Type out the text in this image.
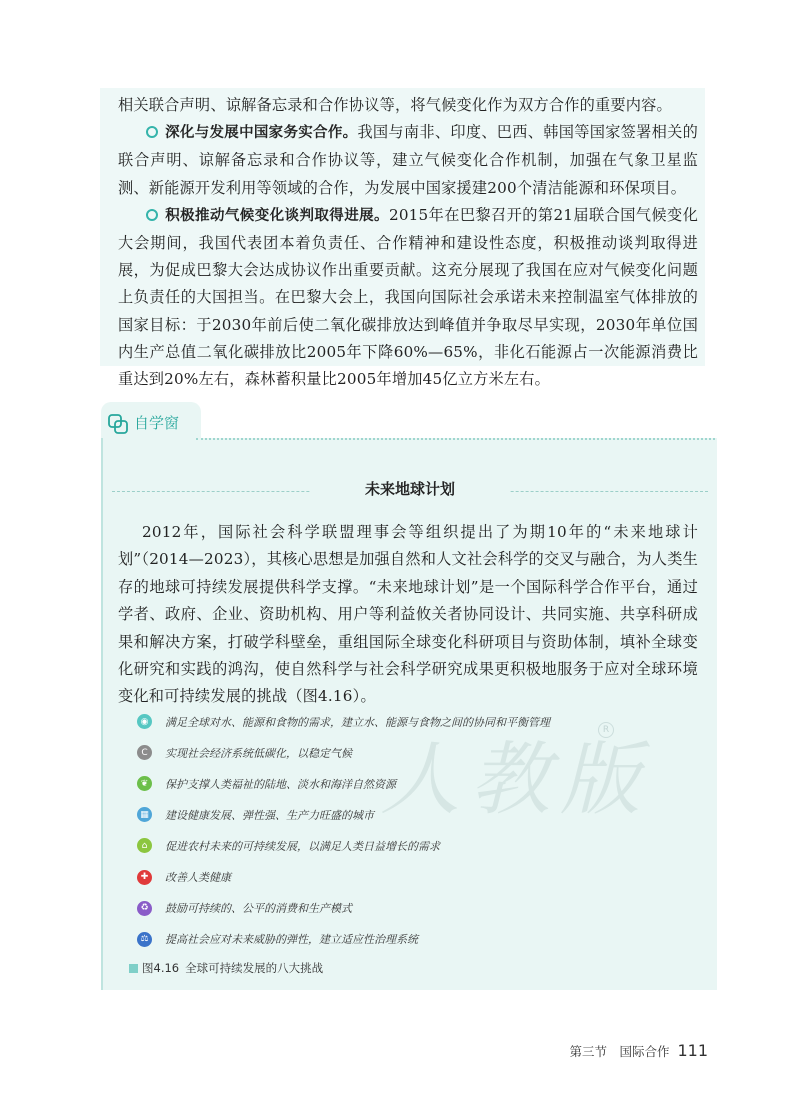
相关联合声明、谅解备忘录和合作协议等，将气候变化作为双方合作的重要内容。

深化与发展中国家务实合作。我国与南非、印度、巴西、韩国等国家签署相关的联合声明、谅解备忘录和合作协议等，建立气候变化合作机制，加强在气象卫星监测、新能源开发利用等领域的合作，为发展中国家援建200个清洁能源和环保项目。

积极推动气候变化谈判取得进展。2015年在巴黎召开的第21届联合国气候变化大会期间，我国代表团本着负责任、合作精神和建设性态度，积极推动谈判取得进展，为促成巴黎大会达成协议作出重要贡献。这充分展现了我国在应对气候变化问题上负责任的大国担当。在巴黎大会上，我国向国际社会承诺未来控制温室气体排放的国家目标：于2030年前后使二氧化碳排放达到峰值并争取尽早实现，2030年单位国内生产总值二氧化碳排放比2005年下降60%—65%，非化石能源占一次能源消费比重达到20%左右，森林蓄积量比2005年增加45亿立方米左右。

自学窗
未来地球计划

2012年，国际社会科学联盟理事会等组织提出了为期10年的“未来地球计划”（2014—2023），其核心思想是加强自然和人文社会科学的交叉与融合，为人类生存的地球可持续发展提供科学支撑。“未来地球计划”是一个国际科学合作平台，通过学者、政府、企业、资助机构、用户等利益攸关者协同设计、共同实施、共享科研成果和解决方案，打破学科壁垒，重组国际全球变化科研项目与资助体制，填补全球变化研究和实践的鸿沟，使自然科学与社会科学研究成果更积极地服务于应对全球环境变化和可持续发展的挑战（图4.16）。

人教版
R
◉	满足全球对水、能源和食物的需求，建立水、能源与食物之间的协同和平衡管理
C	实现社会经济系统低碳化，以稳定气候
❦	保护支撑人类福祉的陆地、淡水和海洋自然资源
▦ 建设健康发展、弹性强、生产力旺盛的城市
⌂	促进农村未来的可持续发展，以满足人类日益增长的需求
✚	改善人类健康
♻	鼓励可持续的、公平的消费和生产模式
⚖	提高社会应对未来威胁的弹性，建立适应性治理系统
图4.16 全球可持续发展的八大挑战
第三节　国际合作 111
